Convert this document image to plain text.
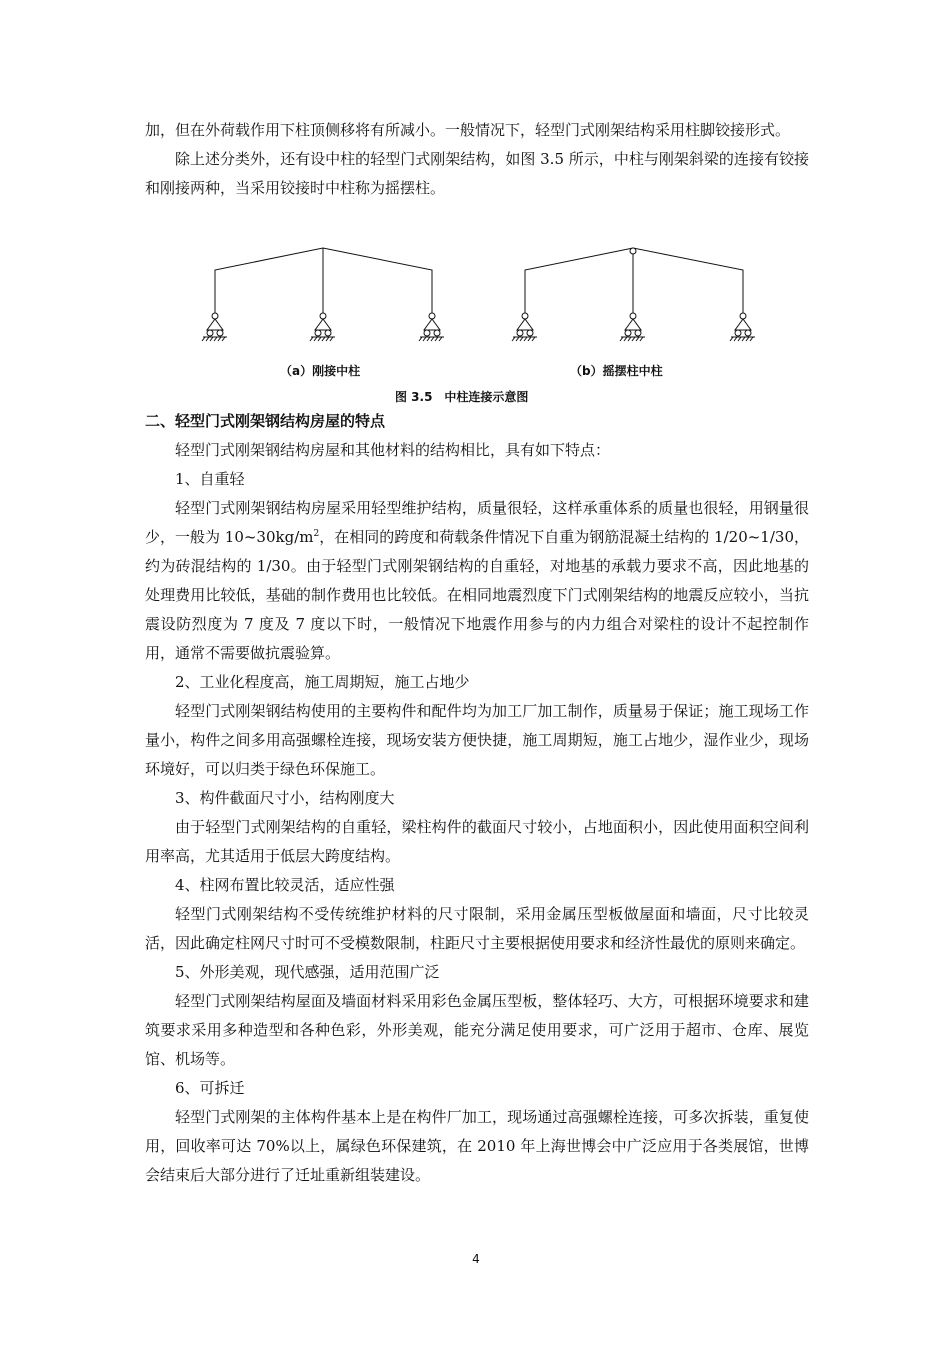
加，但在外荷载作用下柱顶侧移将有所减小。一般情况下，轻型门式刚架结构采用柱脚铰接形式。

除上述分类外，还有设中柱的轻型门式刚架结构，如图 3.5 所示，中柱与刚架斜梁的连接有铰接和刚接两种，当采用铰接时中柱称为摇摆柱。

（a）刚接中柱	（b）摇摆柱中柱
图 3.5　中柱连接示意图
二、轻型门式刚架钢结构房屋的特点

轻型门式刚架钢结构房屋和其他材料的结构相比，具有如下特点：

1、自重轻

轻型门式刚架钢结构房屋采用轻型维护结构，质量很轻，这样承重体系的质量也很轻，用钢量很少，一般为 $10\sim 30kg/m^2$，在相同的跨度和荷载条件情况下自重为钢筋混凝土结构的 1/20~1/30，约为砖混结构的 1/30。由于轻型门式刚架钢结构的自重轻，对地基的承载力要求不高，因此地基的处理费用比较低，基础的制作费用也比较低。在相同地震烈度下门式刚架结构的地震反应较小，当抗震设防烈度为 7 度及 7 度以下时，一般情况下地震作用参与的内力组合对梁柱的设计不起控制作用，通常不需要做抗震验算。

2、工业化程度高，施工周期短，施工占地少

轻型门式刚架钢结构使用的主要构件和配件均为加工厂加工制作，质量易于保证；施工现场工作量小，构件之间多用高强螺栓连接，现场安装方便快捷，施工周期短，施工占地少，湿作业少，现场环境好，可以归类于绿色环保施工。

3、构件截面尺寸小，结构刚度大

由于轻型门式刚架结构的自重轻，梁柱构件的截面尺寸较小，占地面积小，因此使用面积空间利用率高，尤其适用于低层大跨度结构。

4、柱网布置比较灵活，适应性强

轻型门式刚架结构不受传统维护材料的尺寸限制，采用金属压型板做屋面和墙面，尺寸比较灵活，因此确定柱网尺寸时可不受模数限制，柱距尺寸主要根据使用要求和经济性最优的原则来确定。

5、外形美观，现代感强，适用范围广泛

轻型门式刚架结构屋面及墙面材料采用彩色金属压型板，整体轻巧、大方，可根据环境要求和建筑要求采用多种造型和各种色彩，外形美观，能充分满足使用要求，可广泛用于超市、仓库、展览馆、机场等。

6、可拆迁

轻型门式刚架的主体构件基本上是在构件厂加工，现场通过高强螺栓连接，可多次拆装，重复使用，回收率可达 70%以上，属绿色环保建筑，在 2010 年上海世博会中广泛应用于各类展馆，世博会结束后大部分进行了迁址重新组装建设。

4
